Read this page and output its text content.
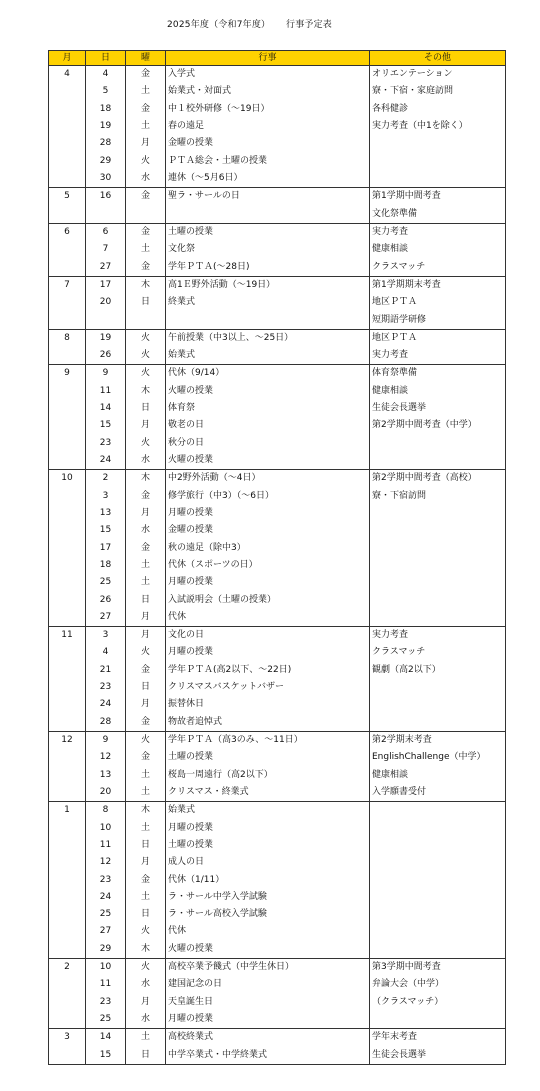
2025年度（令和7年度） 行事予定表
月	日	曜	行事	その他
4	4	金	入学式	オリエンテーション
	5	土	始業式・対面式	寮・下宿・家庭訪問
	18	金	中１校外研修（～19日）	各科健診
	19	土	春の遠足	実力考査（中1を除く）
	28	月	金曜の授業	
	29	火	ＰＴＡ総会・土曜の授業	
	30	水	連休（～5月6日）	
5	16	金	聖ラ・サールの日	第1学期中間考査
				文化祭準備
6	6	金	土曜の授業	実力考査
	7	土	文化祭	健康相談
	27	金	学年ＰＴＡ(～28日)	クラスマッチ
7	17	木	高1Ｅ野外活動（～19日）	第1学期期末考査
	20	日	終業式	地区ＰＴＡ
				短期語学研修
8	19	火	午前授業（中3以上、～25日）	地区ＰＴＡ
	26	火	始業式	実力考査
9	9	火	代休（9/14）	体育祭準備
	11	木	火曜の授業	健康相談
	14	日	体育祭	生徒会長選挙
	15	月	敬老の日	第2学期中間考査（中学）
	23	火	秋分の日	
	24	水	火曜の授業	
10	2	木	中2野外活動（～4日）	第2学期中間考査（高校）
	3	金	修学旅行（中3）（～6日）	寮・下宿訪問
	13	月	月曜の授業	
	15	水	金曜の授業	
	17	金	秋の遠足（除中3）	
	18	土	代休（スポーツの日）	
	25	土	月曜の授業	
	26	日	入試説明会（土曜の授業）	
	27	月	代休	
11	3	月	文化の日	実力考査
	4	火	月曜の授業	クラスマッチ
	21	金	学年ＰＴＡ(高2以下、～22日)	観劇（高2以下）
	23	日	クリスマスバスケットバザー	
	24	月	振替休日	
	28	金	物故者追悼式	
12	9	火	学年ＰＴＡ（高3のみ、～11日）	第2学期末考査
	12	金	土曜の授業	EnglishChallenge（中学）
	13	土	桜島一周遠行（高2以下）	健康相談
	20	土	クリスマス・終業式	入学願書受付
1	8	木	始業式	
	10	土	月曜の授業	
	11	日	土曜の授業	
	12	月	成人の日	
	23	金	代休（1/11）	
	24	土	ラ・サール中学入学試験	
	25	日	ラ・サール高校入学試験	
	27	火	代休	
	29	木	火曜の授業	
2	10	火	高校卒業予餞式（中学生休日）	第3学期中間考査
	11	水	建国記念の日	弁論大会（中学）
	23	月	天皇誕生日	（クラスマッチ）
	25	水	月曜の授業	
3	14	土	高校終業式	学年末考査
	15	日	中学卒業式・中学終業式	生徒会長選挙
